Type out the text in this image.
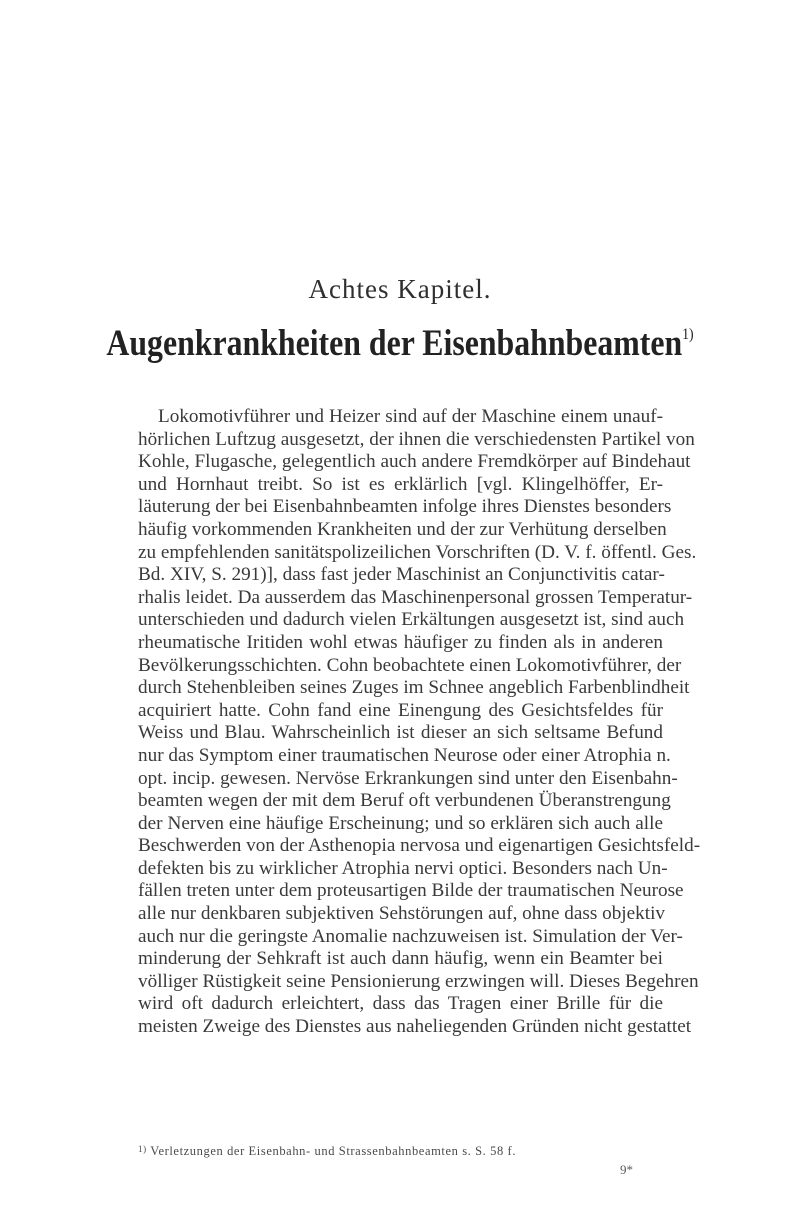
Achtes Kapitel.
Augenkrankheiten der Eisenbahnbeamten$^{1)}$
Lokomotivführer und Heizer sind auf der Maschine einem unauf-
hörlichen Luftzug ausgesetzt, der ihnen die verschiedensten Partikel von
Kohle, Flugasche, gelegentlich auch andere Fremdkörper auf Bindehaut
und Hornhaut treibt. So ist es erklärlich [vgl. Klingelhöffer, Er-
läuterung der bei Eisenbahnbeamten infolge ihres Dienstes besonders
häufig vorkommenden Krankheiten und der zur Verhütung derselben
zu empfehlenden sanitätspolizeilichen Vorschriften (D. V. f. öffentl. Ges.
Bd. XIV, S. 291)], dass fast jeder Maschinist an Conjunctivitis catar-
rhalis leidet. Da ausserdem das Maschinenpersonal grossen Temperatur-
unterschieden und dadurch vielen Erkältungen ausgesetzt ist, sind auch
rheumatische Iritiden wohl etwas häufiger zu finden als in anderen
Bevölkerungsschichten. Cohn beobachtete einen Lokomotivführer, der
durch Stehenbleiben seines Zuges im Schnee angeblich Farbenblindheit
acquiriert hatte. Cohn fand eine Einengung des Gesichtsfeldes für
Weiss und Blau. Wahrscheinlich ist dieser an sich seltsame Befund
nur das Symptom einer traumatischen Neurose oder einer Atrophia n.
opt. incip. gewesen. Nervöse Erkrankungen sind unter den Eisenbahn-
beamten wegen der mit dem Beruf oft verbundenen Überanstrengung
der Nerven eine häufige Erscheinung; und so erklären sich auch alle
Beschwerden von der Asthenopia nervosa und eigenartigen Gesichtsfeld-
defekten bis zu wirklicher Atrophia nervi optici. Besonders nach Un-
fällen treten unter dem proteusartigen Bilde der traumatischen Neurose
alle nur denkbaren subjektiven Sehstörungen auf, ohne dass objektiv
auch nur die geringste Anomalie nachzuweisen ist. Simulation der Ver-
minderung der Sehkraft ist auch dann häufig, wenn ein Beamter bei
völliger Rüstigkeit seine Pensionierung erzwingen will. Dieses Begehren
wird oft dadurch erleichtert, dass das Tragen einer Brille für die
meisten Zweige des Dienstes aus naheliegenden Gründen nicht gestattet

$^{1)}$ Verletzungen der Eisenbahn- und Strassenbahnbeamten s. S. 58 f.

9*
